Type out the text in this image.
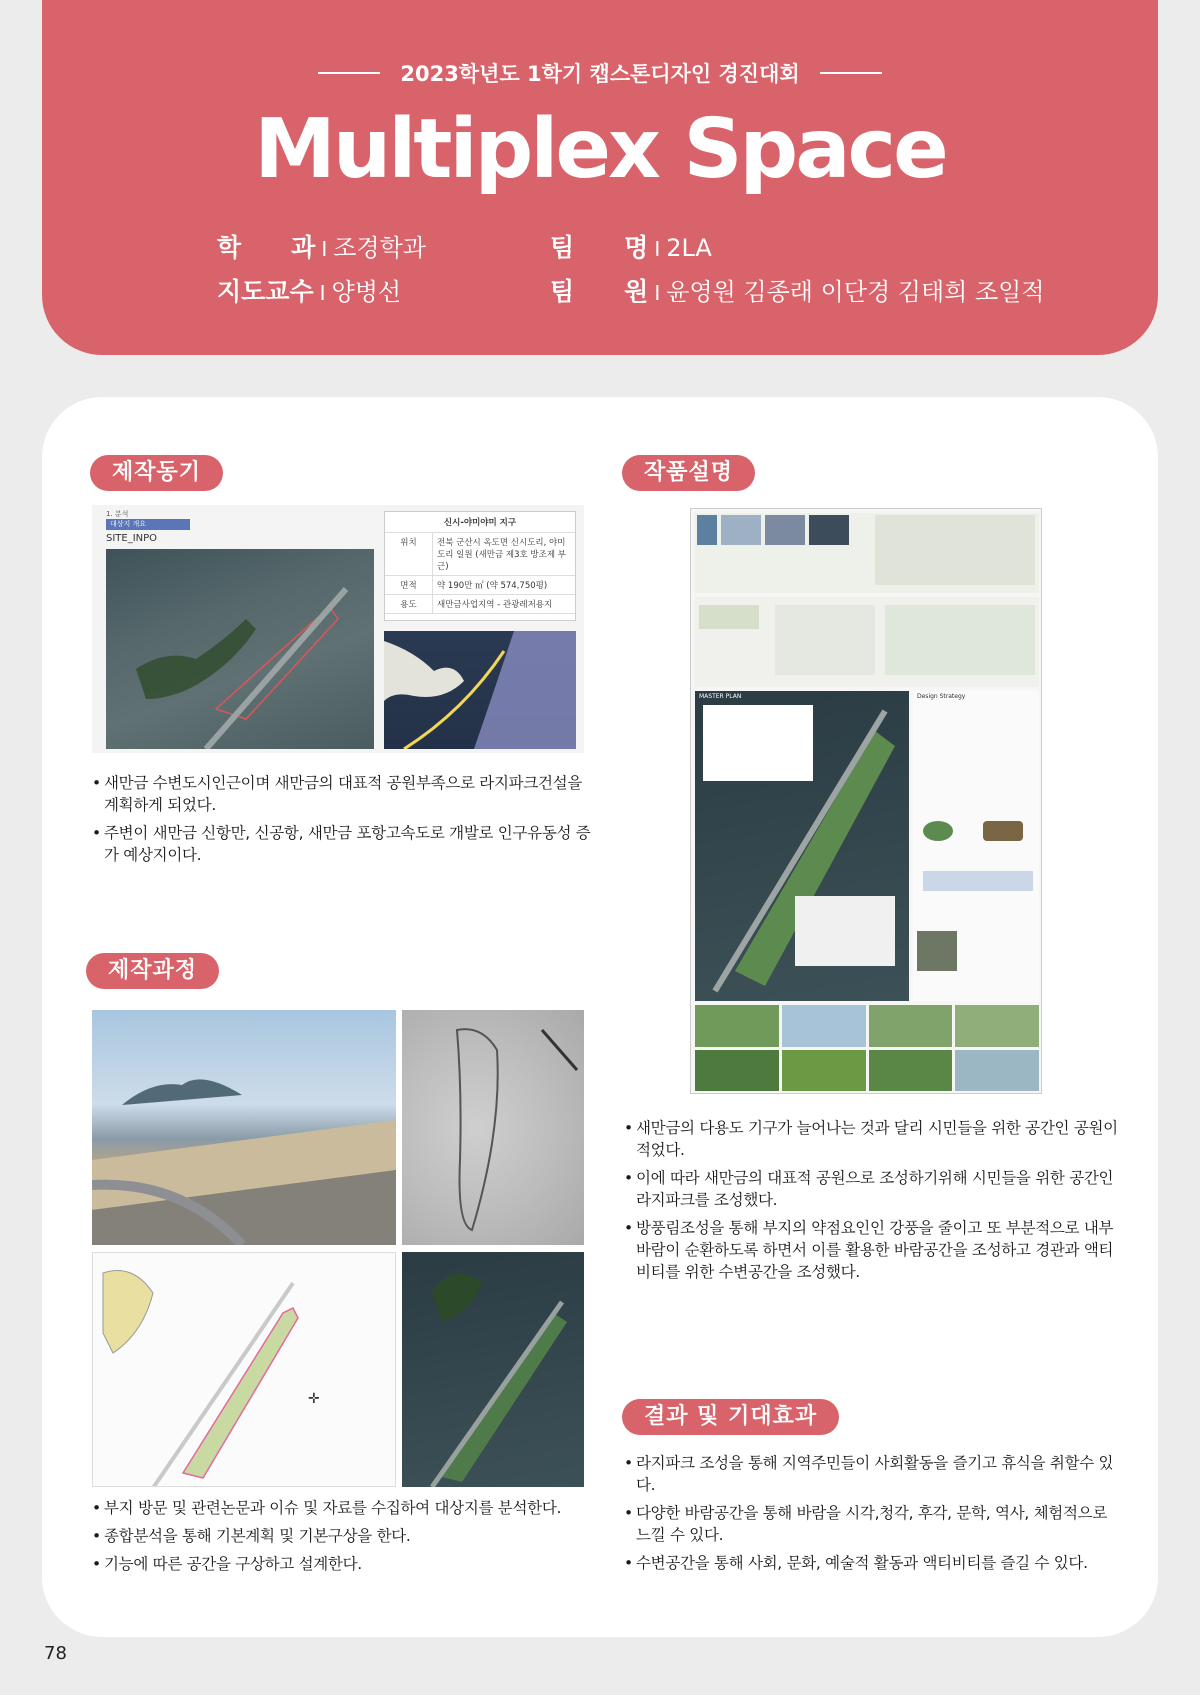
2023학년도 1학기 캡스톤디자인 경진대회
Multiplex Space
학　　과 I 조경학과
지도교수 I 양병선
팀　　명 I 2LA
팀　　원 I 윤영원 김종래 이단경 김태희 조일적
제작동기
1. 분석
대상지 개요
SITE_INPO
신시-야미야미 지구
위치	전북 군산시 옥도면 신시도리, 야미도리 일원 (새만금 제3호 방조제 부근)
면적	약 190만 ㎡ (약 574,750평)
용도	새만금사업지역 - 관광레저용지
• 새만금 수변도시인근이며 새만금의 대표적 공원부족으로 라지파크건설을 계획하게 되었다.
• 주변이 새만금 신항만, 신공항, 새만금 포항고속도로 개발로 인구유동성 증가 예상지이다.
제작과정
✛
• 부지 방문 및 관련논문과 이슈 및 자료를 수집하여 대상지를 분석한다.
• 종합분석을 통해 기본계획 및 기본구상을 한다.
• 기능에 따른 공간을 구상하고 설계한다.
작품설명
MASTER PLAN	Design Strategy
• 새만금의 다용도 기구가 늘어나는 것과 달리 시민들을 위한 공간인 공원이 적었다.
• 이에 따라 새만금의 대표적 공원으로 조성하기위해 시민들을 위한 공간인 라지파크를 조성했다.
• 방풍림조성을 통해 부지의 약점요인인 강풍을 줄이고 또 부분적으로 내부 바람이 순환하도록 하면서 이를 활용한 바람공간을 조성하고 경관과 액티비티를 위한 수변공간을 조성했다.
결과 및 기대효과
• 라지파크 조성을 통해 지역주민들이 사회활동을 즐기고 휴식을 취할수 있다.
• 다양한 바람공간을 통해 바람을 시각,청각, 후각, 문학, 역사, 체험적으로 느낄 수 있다.
• 수변공간을 통해 사회, 문화, 예술적 활동과 액티비티를 즐길 수 있다.
78
